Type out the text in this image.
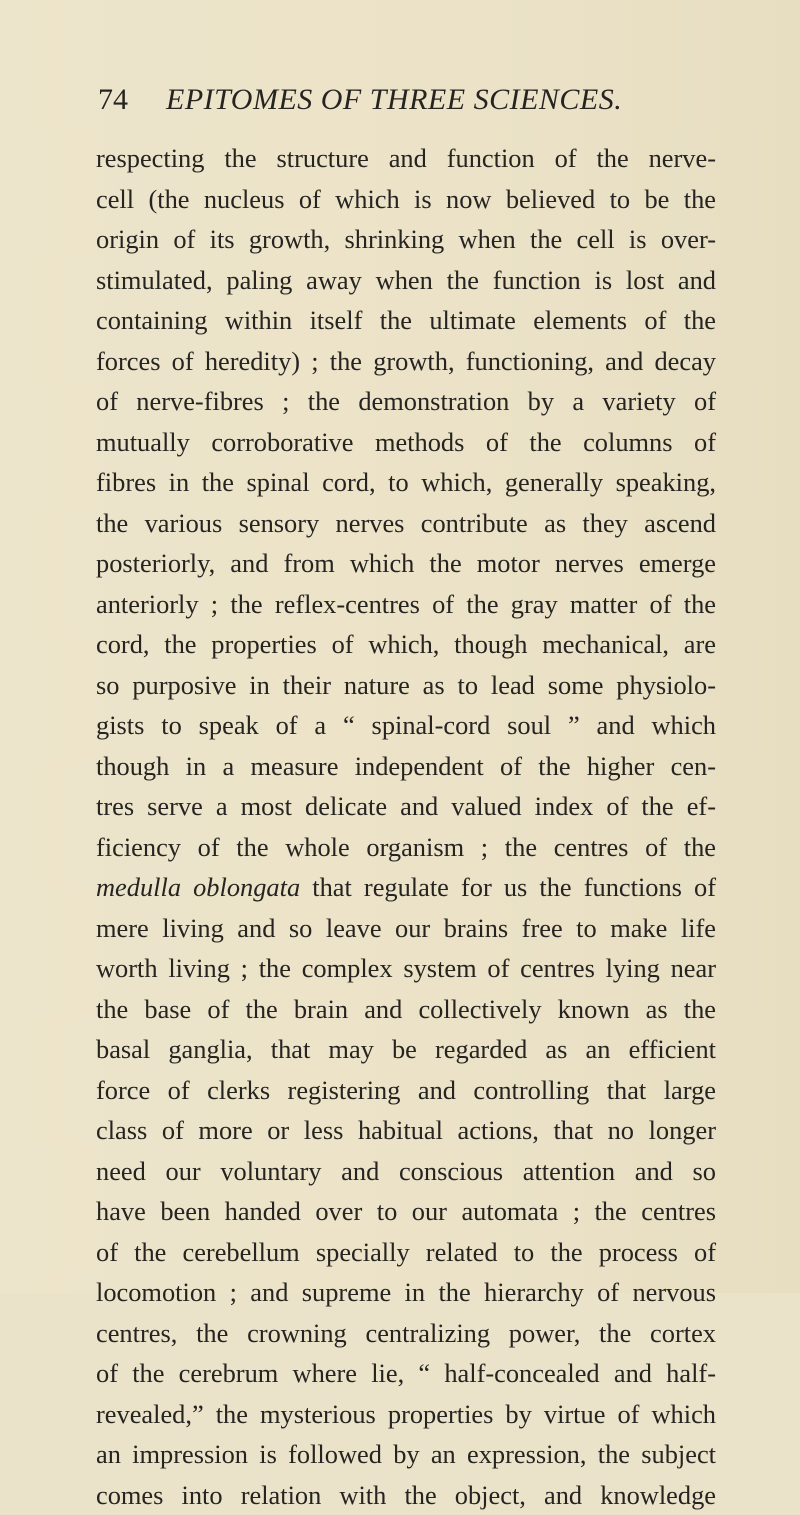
74 EPITOMES OF THREE SCIENCES.
respecting the structure and function of the nerve-
cell (the nucleus of which is now believed to be the
origin of its growth, shrinking when the cell is over-
stimulated, paling away when the function is lost and
containing within itself the ultimate elements of the
forces of heredity) ; the growth, functioning, and decay
of nerve-fibres ; the demonstration by a variety of
mutually corroborative methods of the columns of
fibres in the spinal cord, to which, generally speaking,
the various sensory nerves contribute as they ascend
posteriorly, and from which the motor nerves emerge
anteriorly ; the reflex-centres of the gray matter of the
cord, the properties of which, though mechanical, are
so purposive in their nature as to lead some physiolo-
gists to speak of a “ spinal-cord soul ” and which
though in a measure independent of the higher cen-
tres serve a most delicate and valued index of the ef-
ficiency of the whole organism ; the centres of the
medulla oblongata that regulate for us the functions of
mere living and so leave our brains free to make life
worth living ; the complex system of centres lying near
the base of the brain and collectively known as the
basal ganglia, that may be regarded as an efficient
force of clerks registering and controlling that large
class of more or less habitual actions, that no longer
need our voluntary and conscious attention and so
have been handed over to our automata ; the centres
of the cerebellum specially related to the process of
locomotion ; and supreme in the hierarchy of nervous
centres, the crowning centralizing power, the cortex
of the cerebrum where lie, “ half-concealed and half-
revealed,” the mysterious properties by virtue of which
an impression is followed by an expression, the subject
comes into relation with the object, and knowledge
